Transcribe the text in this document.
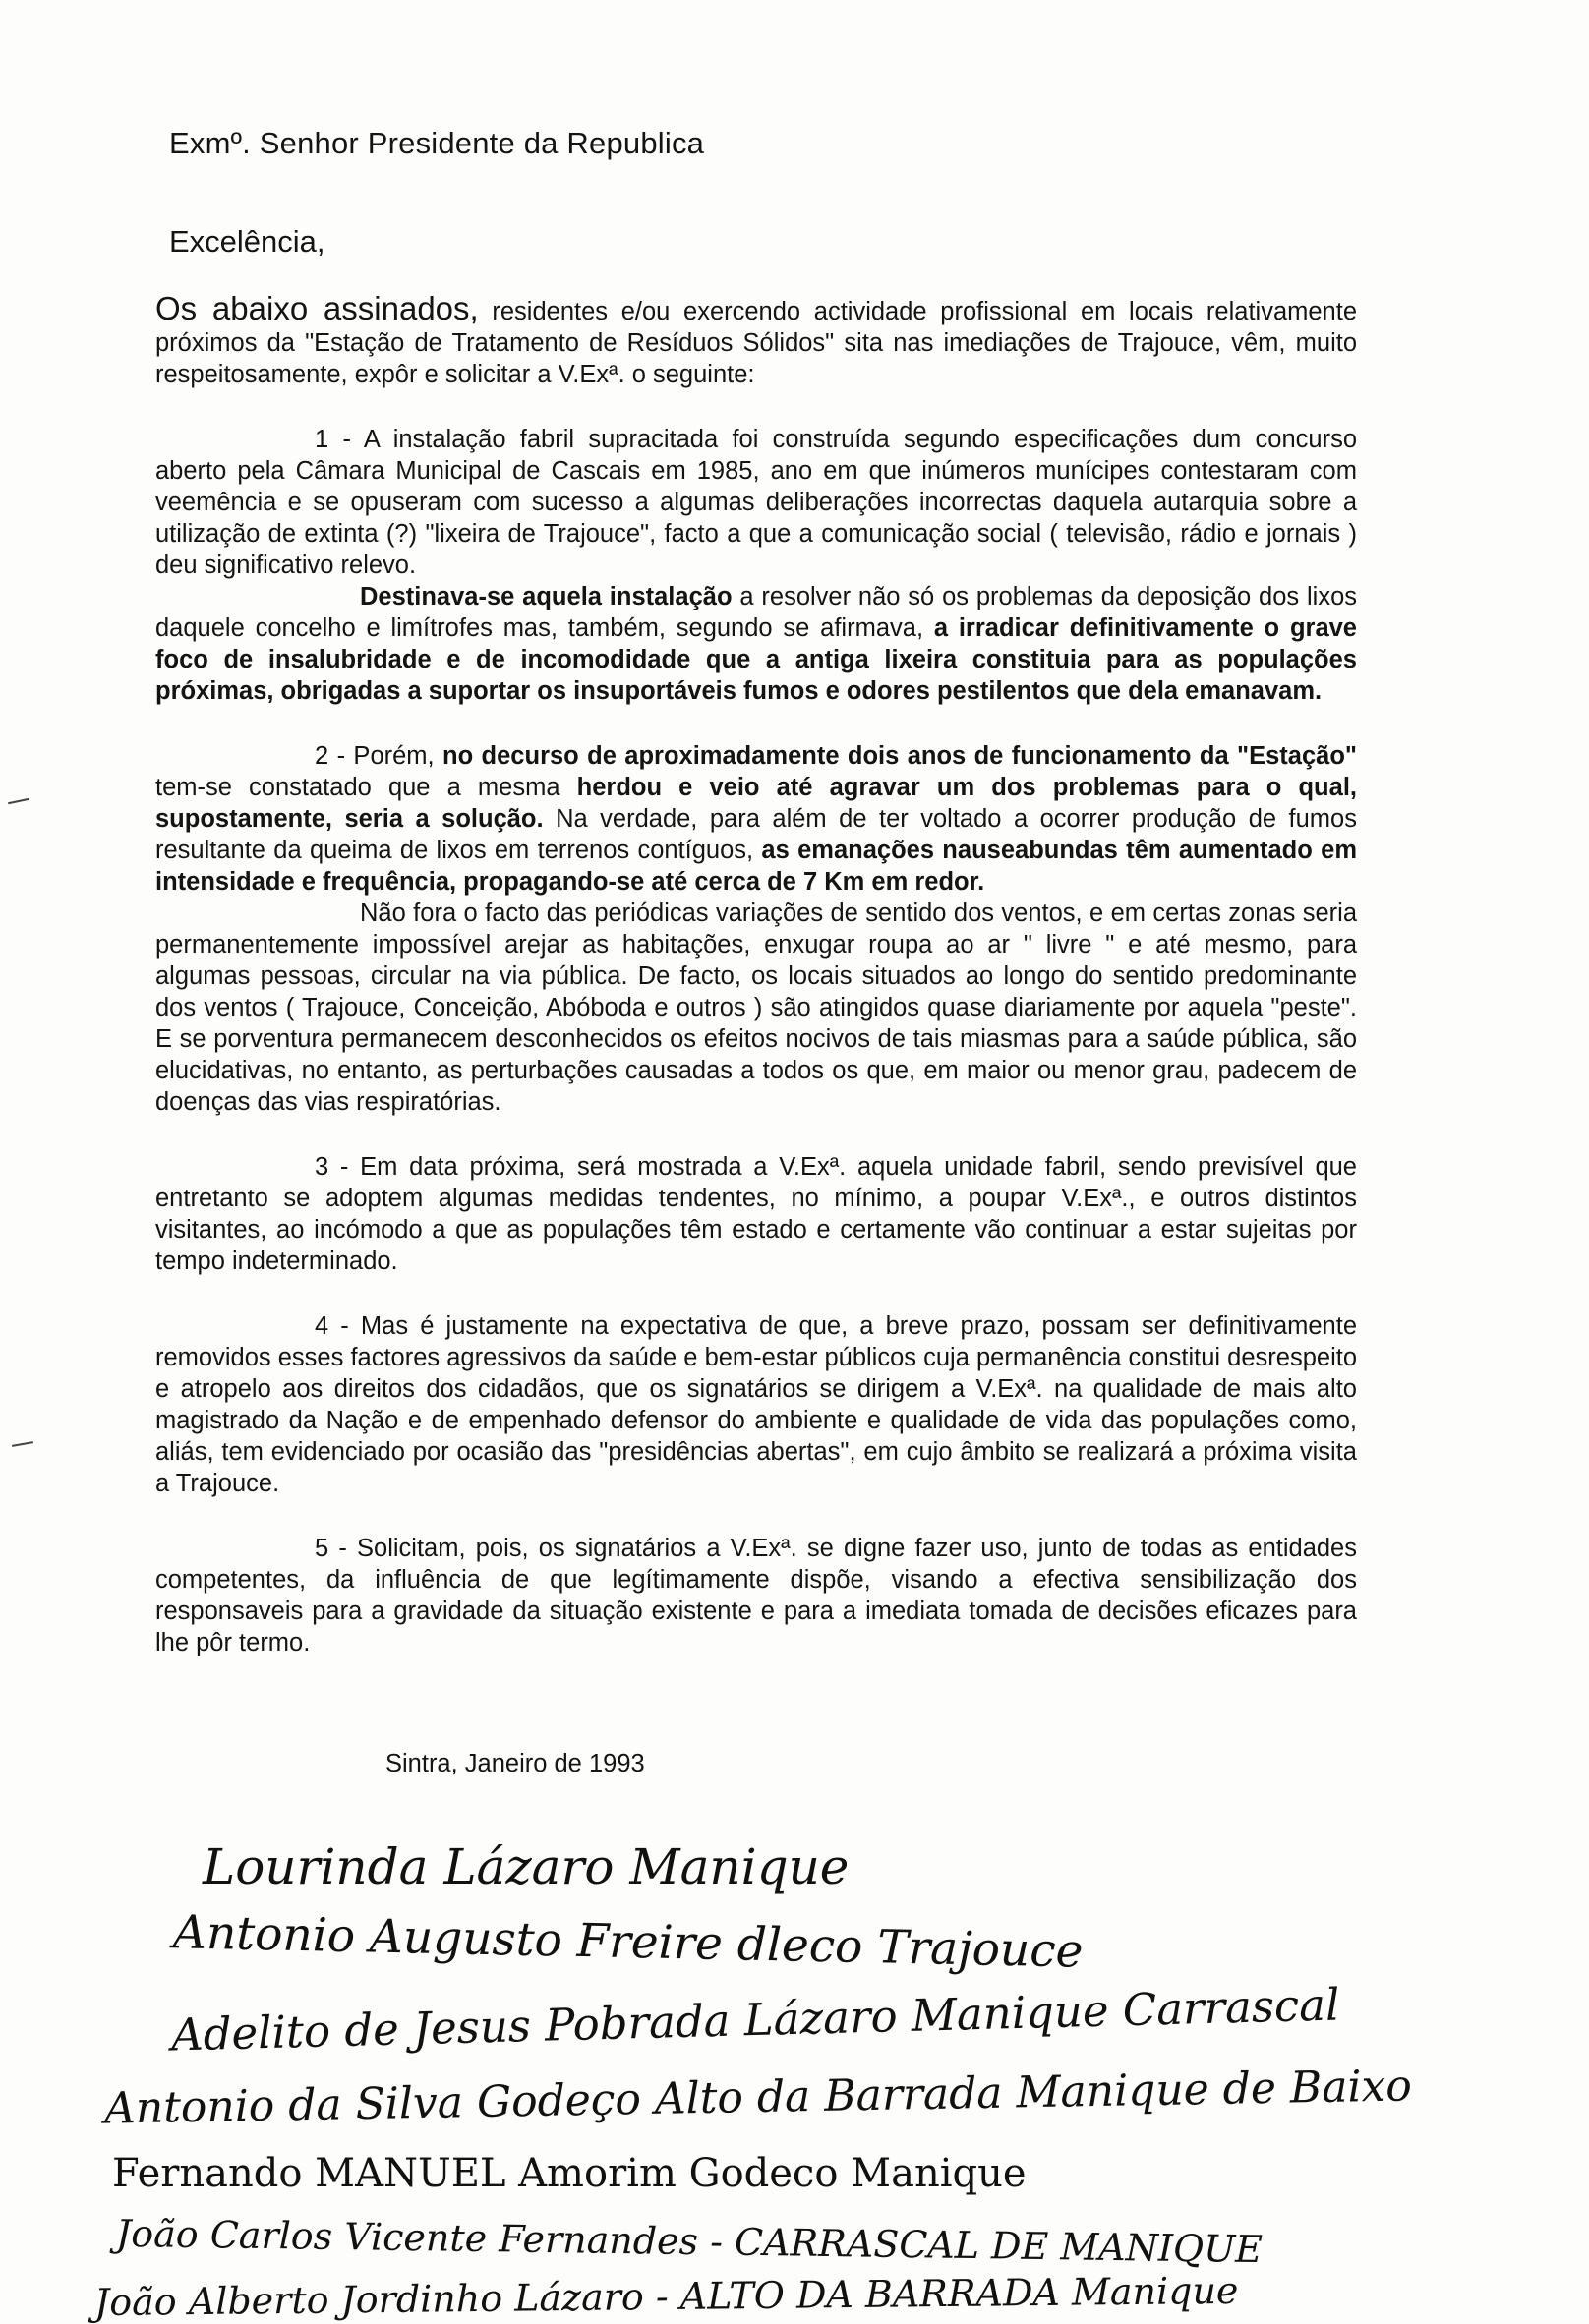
Exmº. Senhor Presidente da Republica
Excelência,

Os abaixo assinados, residentes e/ou exercendo actividade profissional em locais relativamente próximos da "Estação de Tratamento de Resíduos Sólidos" sita nas imediações de Trajouce, vêm, muito respeitosamente, expôr e solicitar a V.Exª. o seguinte:

1 - A instalação fabril supracitada foi construída segundo especificações dum concurso aberto pela Câmara Municipal de Cascais em 1985, ano em que inúmeros munícipes contestaram com veemência e se opuseram com sucesso a algumas deliberações incorrectas daquela autarquia sobre a utilização de extinta (?) "lixeira de Trajouce", facto a que a comunicação social ( televisão, rádio e jornais ) deu significativo relevo.

Destinava-se aquela instalação a resolver não só os problemas da deposição dos lixos daquele concelho e limítrofes mas, também, segundo se afirmava, a irradicar definitivamente o grave foco de insalubridade e de incomodidade que a antiga lixeira constituia para as populações próximas, obrigadas a suportar os insuportáveis fumos e odores pestilentos que dela emanavam.

2 - Porém, no decurso de aproximadamente dois anos de funcionamento da "Estação" tem-se constatado que a mesma herdou e veio até agravar um dos problemas para o qual, supostamente, seria a solução. Na verdade, para além de ter voltado a ocorrer produção de fumos resultante da queima de lixos em terrenos contíguos, as emanações nauseabundas têm aumentado em intensidade e frequência, propagando-se até cerca de 7 Km em redor.

Não fora o facto das periódicas variações de sentido dos ventos, e em certas zonas seria permanentemente impossível arejar as habitações, enxugar roupa ao ar " livre " e até mesmo, para algumas pessoas, circular na via pública. De facto, os locais situados ao longo do sentido predominante dos ventos ( Trajouce, Conceição, Abóboda e outros ) são atingidos quase diariamente por aquela "peste". E se porventura permanecem desconhecidos os efeitos nocivos de tais miasmas para a saúde pública, são elucidativas, no entanto, as perturbações causadas a todos os que, em maior ou menor grau, padecem de doenças das vias respiratórias.

3 - Em data próxima, será mostrada a V.Exª. aquela unidade fabril, sendo previsível que entretanto se adoptem algumas medidas tendentes, no mínimo, a poupar V.Exª., e outros distintos visitantes, ao incómodo a que as populações têm estado e certamente vão continuar a estar sujeitas por tempo indeterminado.

4 - Mas é justamente na expectativa de que, a breve prazo, possam ser definitivamente removidos esses factores agressivos da saúde e bem-estar públicos cuja permanência constitui desrespeito e atropelo aos direitos dos cidadãos, que os signatários se dirigem a V.Exª. na qualidade de mais alto magistrado da Nação e de empenhado defensor do ambiente e qualidade de vida das populações como, aliás, tem evidenciado por ocasião das "presidências abertas", em cujo âmbito se realizará a próxima visita a Trajouce.

5 - Solicitam, pois, os signatários a V.Exª. se digne fazer uso, junto de todas as entidades competentes, da influência de que legítimamente dispõe, visando a efectiva sensibilização dos responsaveis para a gravidade da situação existente e para a imediata tomada de decisões eficazes para lhe pôr termo.

Sintra, Janeiro de 1993
Lourinda Lázaro Manique
Antonio Augusto Freire dleco Trajouce
Adelito de Jesus Pobrada Lázaro Manique Carrascal
Antonio da Silva Godeço Alto da Barrada Manique de Baixo
Fernando MANUEL Amorim Godeco Manique
João Carlos Vicente Fernandes - CARRASCAL DE MANIQUE
João Alberto Jordinho Lázaro - ALTO DA BARRADA Manique
